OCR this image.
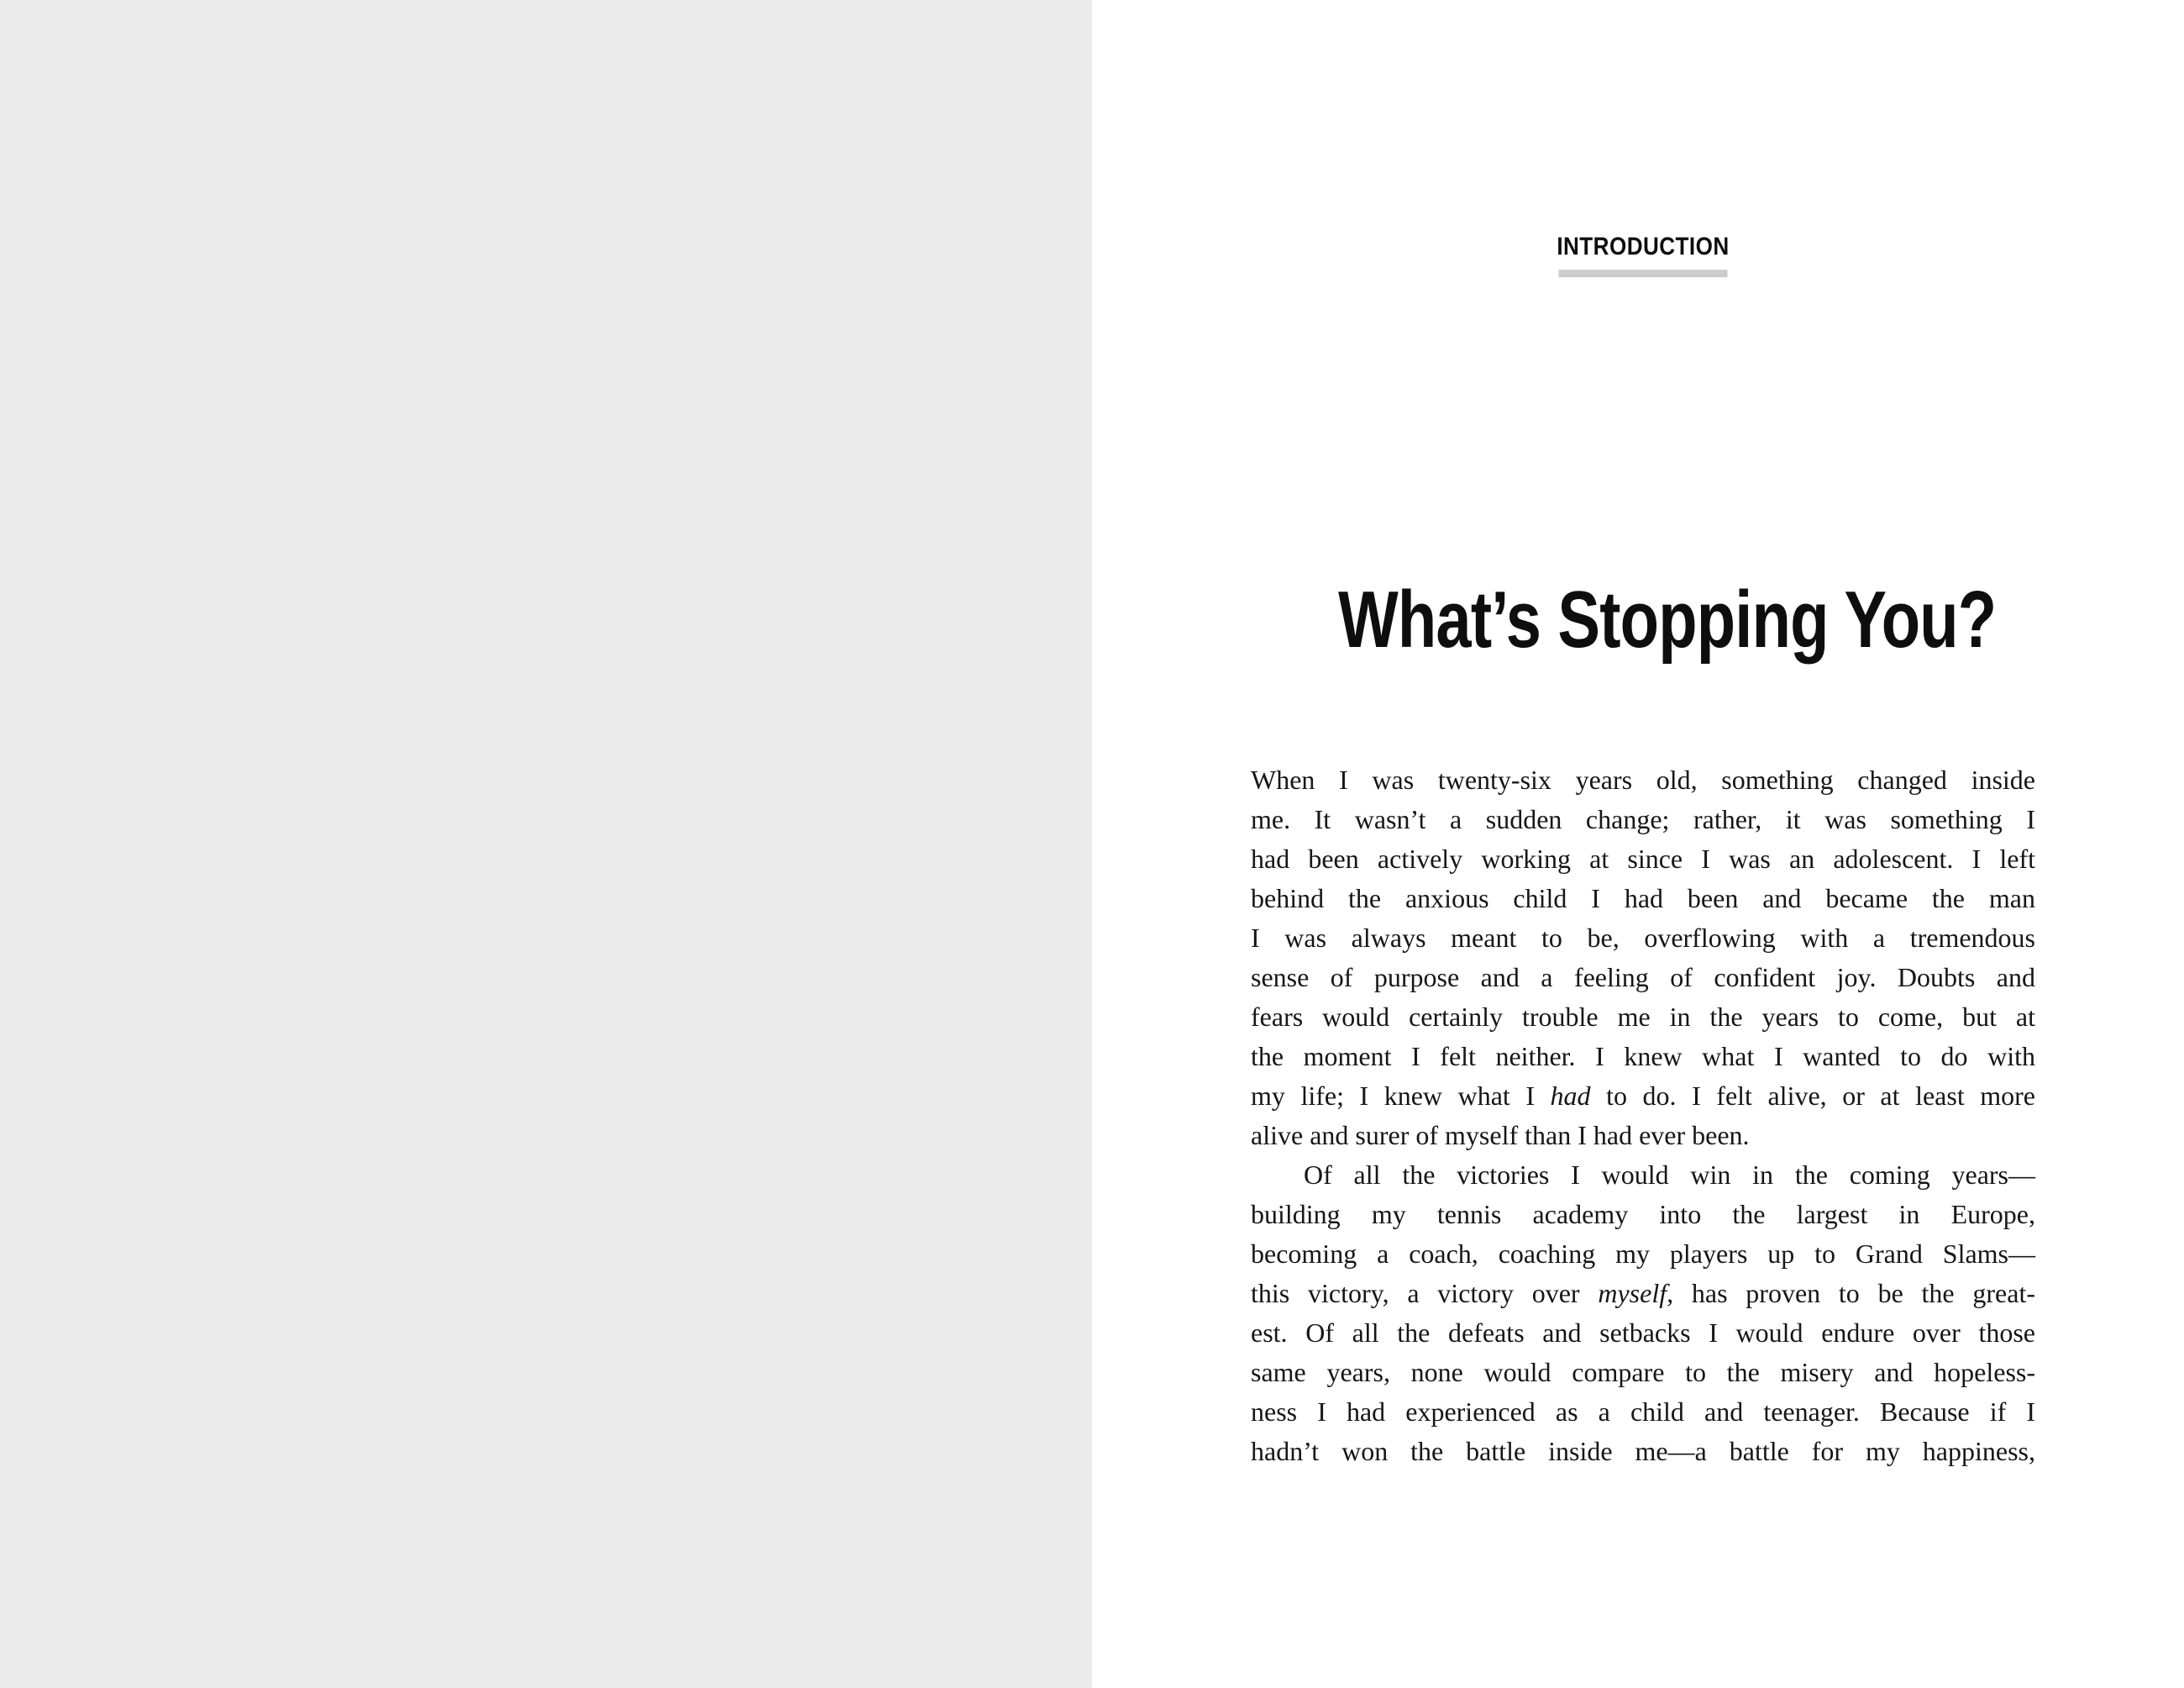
INTRODUCTION
What’s Stopping You?
When I was twenty-six years old, something changed inside
me. It wasn’t a sudden change; rather, it was something I
had been actively working at since I was an adolescent. I left
behind the anxious child I had been and became the man
I was always meant to be, overflowing with a tremendous
sense of purpose and a feeling of confident joy. Doubts and
fears would certainly trouble me in the years to come, but at
the moment I felt neither. I knew what I wanted to do with
my life; I knew what I had to do. I felt alive, or at least more
alive and surer of myself than I had ever been.
Of all the victories I would win in the coming years—
building my tennis academy into the largest in Europe,
becoming a coach, coaching my players up to Grand Slams—
this victory, a victory over myself, has proven to be the great-
est. Of all the defeats and setbacks I would endure over those
same years, none would compare to the misery and hopeless-
ness I had experienced as a child and teenager. Because if I
hadn’t won the battle inside me—a battle for my happiness,
